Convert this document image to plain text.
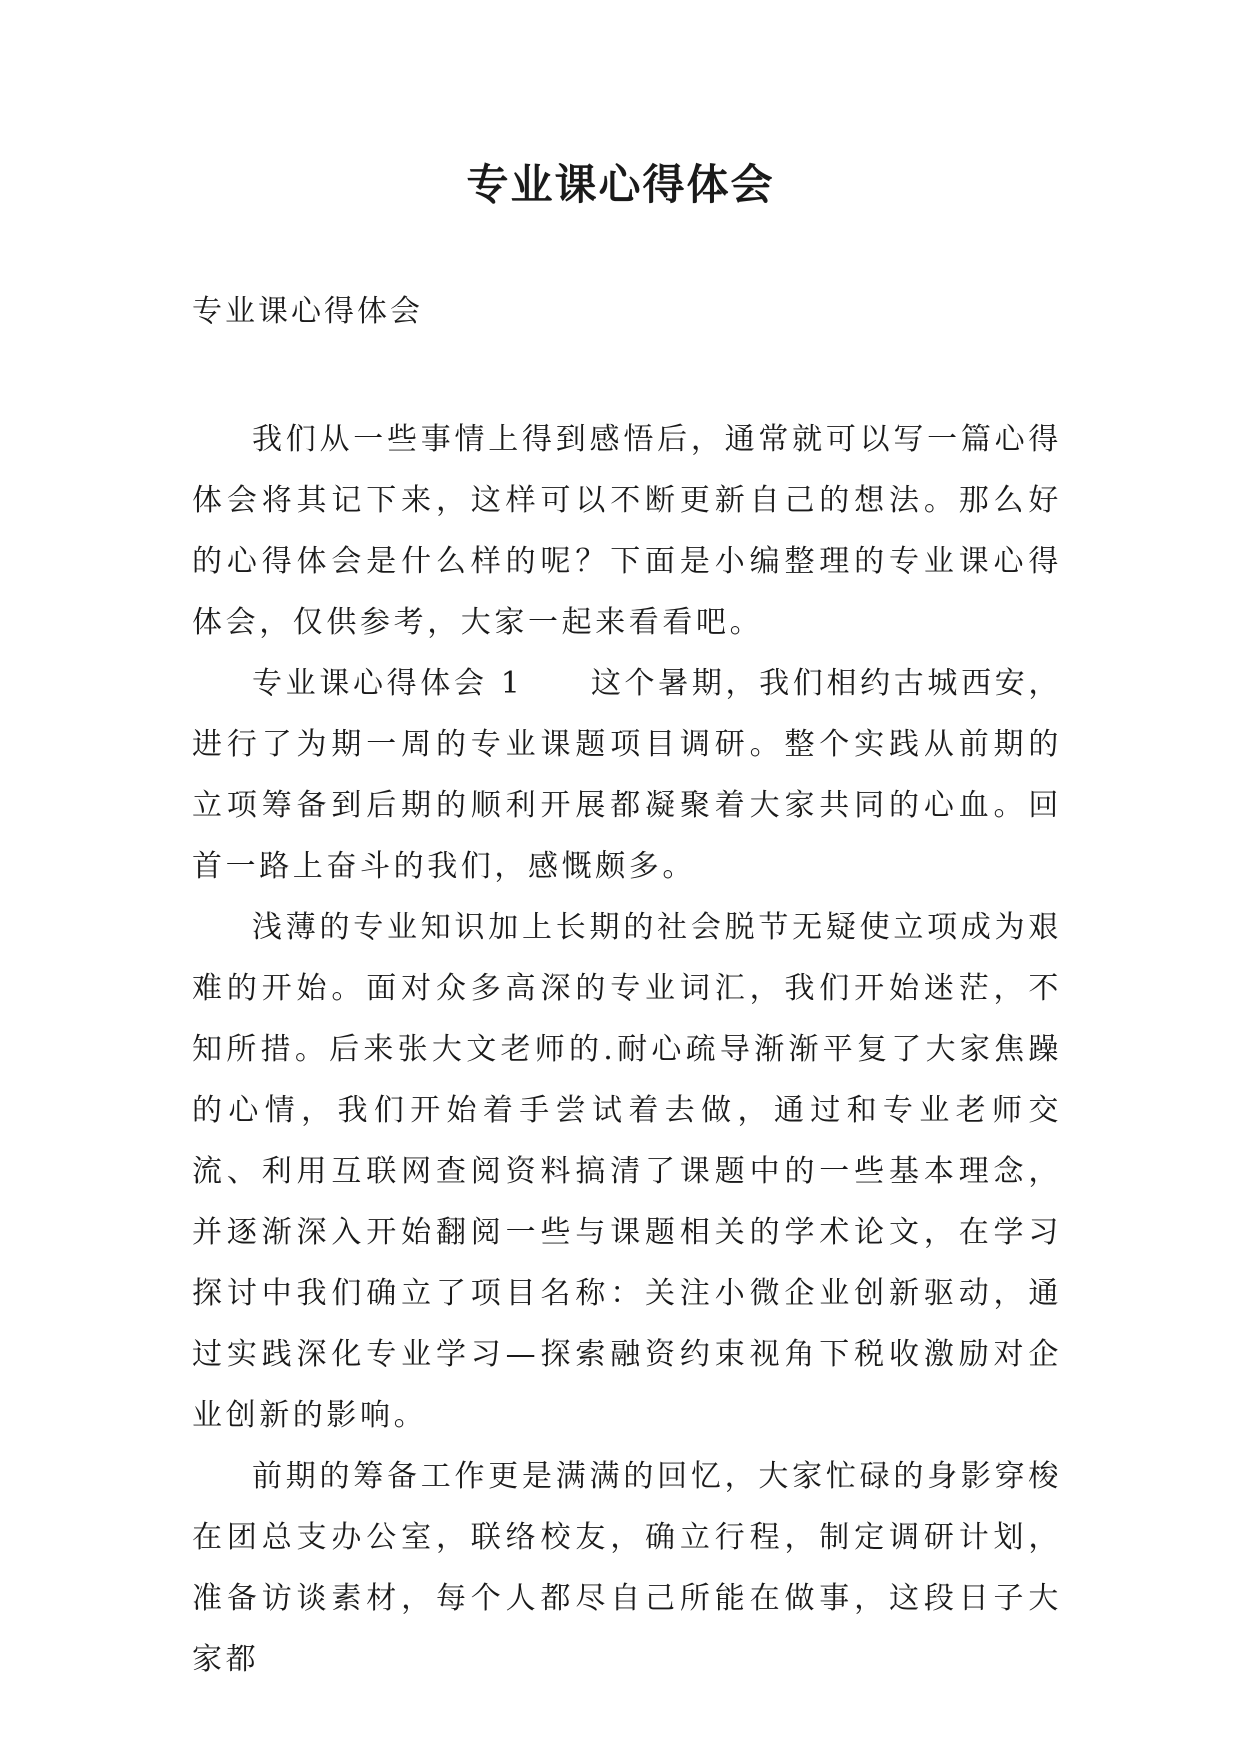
专业课心得体会

专业课心得体会

我们从一些事情上得到感悟后，通常就可以写一篇心得体会将其记下来，这样可以不断更新自己的想法。那么好的心得体会是什么样的呢？下面是小编整理的专业课心得体会，仅供参考，大家一起来看看吧。

专业课心得体会 1　　这个暑期，我们相约古城西安，进行了为期一周的专业课题项目调研。整个实践从前期的立项筹备到后期的顺利开展都凝聚着大家共同的心血。回首一路上奋斗的我们，感慨颇多。

浅薄的专业知识加上长期的社会脱节无疑使立项成为艰难的开始。面对众多高深的专业词汇，我们开始迷茫，不知所措。后来张大文老师的.耐心疏导渐渐平复了大家焦躁的心情，我们开始着手尝试着去做，通过和专业老师交流、利用互联网查阅资料搞清了课题中的一些基本理念，并逐渐深入开始翻阅一些与课题相关的学术论文，在学习探讨中我们确立了项目名称：关注小微企业创新驱动，通过实践深化专业学习—探索融资约束视角下税收激励对企业创新的影响。

前期的筹备工作更是满满的回忆，大家忙碌的身影穿梭在团总支办公室，联络校友，确立行程，制定调研计划，准备访谈素材，每个人都尽自己所能在做事，这段日子大家都
